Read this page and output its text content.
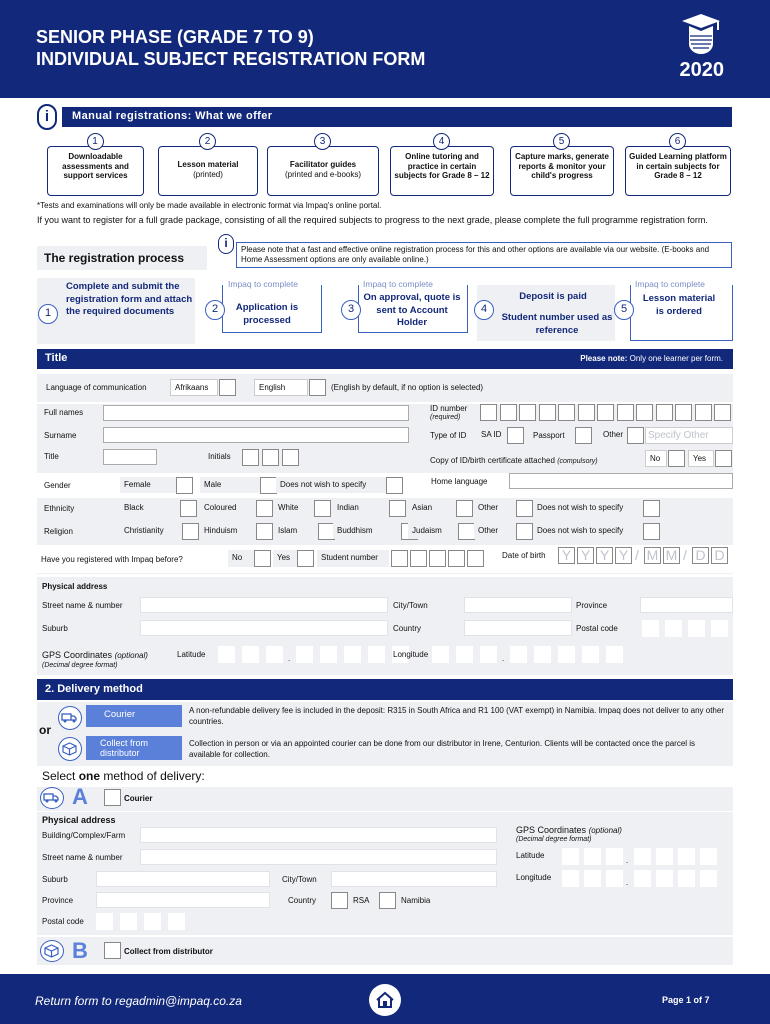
SENIOR PHASE (GRADE 7 TO 9)
INDIVIDUAL SUBJECT REGISTRATION FORM	2020
i	Manual registrations: What we offer
Downloadable assessments and support services
1
Lesson material
(printed)
2
Facilitator guides
(printed and e-books)
3
Online tutoring and practice in certain subjects for Grade 8 – 12
4
Capture marks, generate reports & monitor your child's progress
5
Guided Learning platform in certain subjects for Grade 8 – 12
6
*Tests and examinations will only be made available in electronic format via Impaq's online portal.
If you want to register for a full grade package, consisting of all the required subjects to progress to the next grade, please complete the full programme registration form.
The registration process
i	Please note that a fast and effective online registration process for this and other options are available via our website. (E-books and Home Assessment options are only available online.)
1
Complete and submit the registration form and attach the required documents
Impaq to complete
2	Application is processed
Impaq to complete
3
On approval, quote is sent to Account Holder
4
Deposit is paid
Student number used as reference
Impaq to complete
5
Lesson material is ordered
Title	Please note: Only one learner per form.
Language of communication	Afrikaans	English	(English by default, if no option is selected)
Full names	ID number
(required)
Surname	Type of ID SA ID	Passport	Other	Specify Other
Title	Initials	Copy of ID/birth certificate attached (compulsory)	No	Yes
Gender	Female	Male	Does not wish to specify	Home language
Ethnicity	Black	Coloured	White	Indian	Asian	Other	Does not wish to specify
Religion	Christianity	Hinduism	Islam	Buddhism	Judaism	Other	Does not wish to specify
Have you registered with Impaq before?	No	Yes	Student number	Date of birth Y Y Y Y / M M / D D
Physical address
Street name & number	City/Town	Province
Suburb	Country	Postal code
GPS Coordinates (optional)
(Decimal degree format)
Latitude	.	Longitude	.
2. Delivery method
Courier	A non-refundable delivery fee is included in the deposit: R315 in South Africa and R1 100 (VAT exempt) in Namibia. Impaq does not deliver to any other countries.
or
Collect from distributor
Collection in person or via an appointed courier can be done from our distributor in Irene, Centurion. Clients will be contacted once the parcel is available for collection.
Select one method of delivery:
A	Courier
Physical address
Building/Complex/Farm
GPS Coordinates (optional)
(Decimal degree format)
Street name & number	Latitude
.
Suburb	City/Town	Longitude
.
Province	Country	RSA	Namibia
Postal code
B	Collect from distributor
Return form to regadmin@impaq.co.za	Page 1 of 7
